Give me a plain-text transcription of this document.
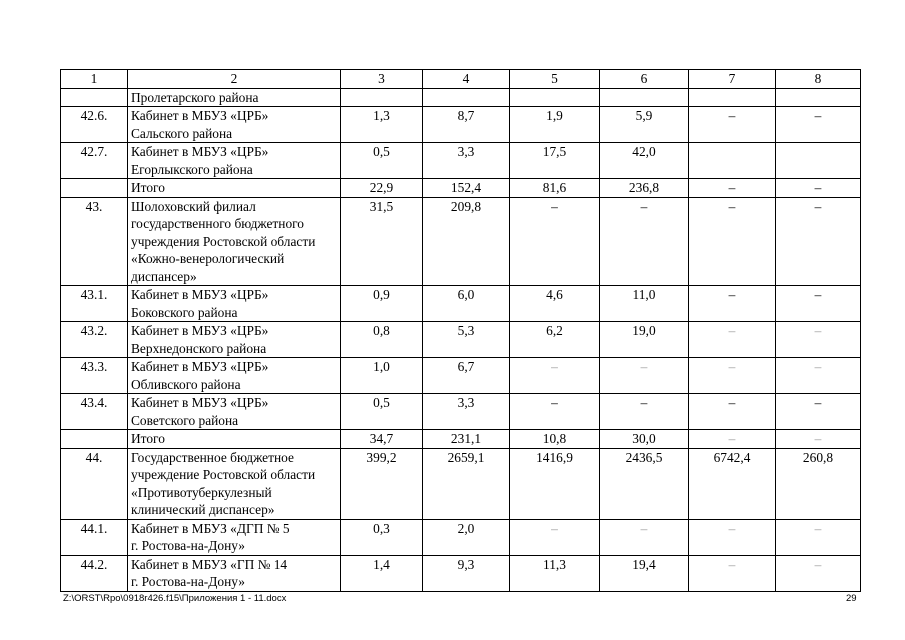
1	2	3	4	5	6	7	8

	Пролетарского района						

42.6.	Кабинет в МБУЗ «ЦРБ»
Сальского района	1,3	8,7	1,9	5,9	–	–
42.7.	Кабинет в МБУЗ «ЦРБ»
Егорлыкского района	0,5	3,3	17,5	42,0		

	Итого	22,9	152,4	81,6	236,8	–	–
43.	Шолоховский филиал
государственного бюджетного
учреждения Ростовской области
«Кожно-венерологический
диспансер»	31,5	209,8	–	–	–	–
43.1.	Кабинет в МБУЗ «ЦРБ»
Боковского района	0,9	6,0	4,6	11,0	–	–
43.2.	Кабинет в МБУЗ «ЦРБ»
Верхнедонского района	0,8	5,3	6,2	19,0	–	–
43.3.	Кабинет в МБУЗ «ЦРБ»
Обливского района	1,0	6,7	–	–	–	–
43.4.	Кабинет в МБУЗ «ЦРБ»
Советского района	0,5	3,3	–	–	–	–

	Итого	34,7	231,1	10,8	30,0	–	–
44.	Государственное бюджетное
учреждение Ростовской области
«Противотуберкулезный
клинический диспансер»	399,2	2659,1	1416,9	2436,5	6742,4	260,8
44.1.	Кабинет в МБУЗ «ДГП № 5
г. Ростова-на-Дону»	0,3	2,0	–	–	–	–
44.2.	Кабинет в МБУЗ «ГП № 14
г. Ростова-на-Дону»	1,4	9,3	11,3	19,4	–	–
Z:\ORST\Rpo\0918r426.f15\Приложения 1 - 11.docx	29
